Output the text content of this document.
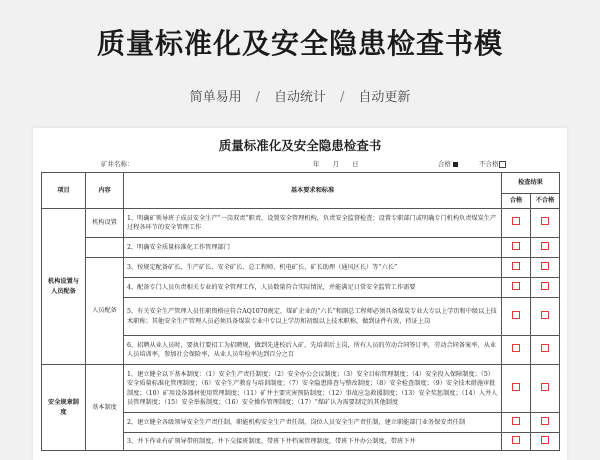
质量标准化及安全隐患检查书模
简单易用 / 自动统计 / 自动更新
质量标准化及安全隐患检查书
矿井名称：	年　　月　　日	合格	不合格
项目	内容	基本要求和标准	检查结果	
			合格	不合格
机构设置与人员配备	机构设置	1、明确矿领导班子成员安全生产“一岗双责”职责，设置安全管理机构，负责安全监督检查；设置专职部门或明确专门机构负责煤炭生产过程各环节的安全管理工作		
		2、明确安全质量标准化工作管理部门		
	人员配备	3、按规定配备矿长、生产矿长、安全矿长、总工程师、机电矿长、矿长助理（通风区长）等“六长”		
		4、配备专门人员负责相关专业的安全管理工作，人员数量符合实际情况，并能满足日常安全监管工作需要		
		5、有关安全生产管理人员任职资格应符合AQ1070规定，煤矿企业的“六长”和副总工程师必须具备煤炭专业大专以上学历和中级以上技术职称；其他安全生产管理人员必须具备煤炭专业中专以上学历和初级以上技术职称，做到证件有效，持证上岗		
		6、招聘从业人员时，要执行要招工为招聘规，做到先进校后入矿，先培训后上岗，所有人员的劳动合同签订率，劳动合同备案率，从业人员培训率，参加社会保险率，从业人员年检率达到百分之百		
安全规章制度	基本制度	1、建立健全以下基本制度：（1）安全生产责任制度；（2）安全办公会议制度；（3）安全目标管理制度；（4）安全投入保障制度；（5）安全质量标准化管理制度；（6）安全生产教育与培训制度；（7）安全隐患排查与整改制度；（8）安全检查制度；（9）安全技术措施审批制度；（10）矿用设备器材使用管理制度；（11）矿井主要灾害预防制度；（12）事故应急救援制度；（13）安全奖惩制度；（14）入井人员管理制度；（15）安全举报制度；（16）安全操作管理制度；（17）“煤矿认为需要制定的其他制度		
		2、建立健全各级领导安全生产责任制，职能机构安全生产责任制，岗位人员安全生产责任制，建立职能部门业务保安责任制		
		3、井下作业有矿领导带班制度，井下交接班制度，带班下井档案管理制度，带班下井办公制度，带班下井		
